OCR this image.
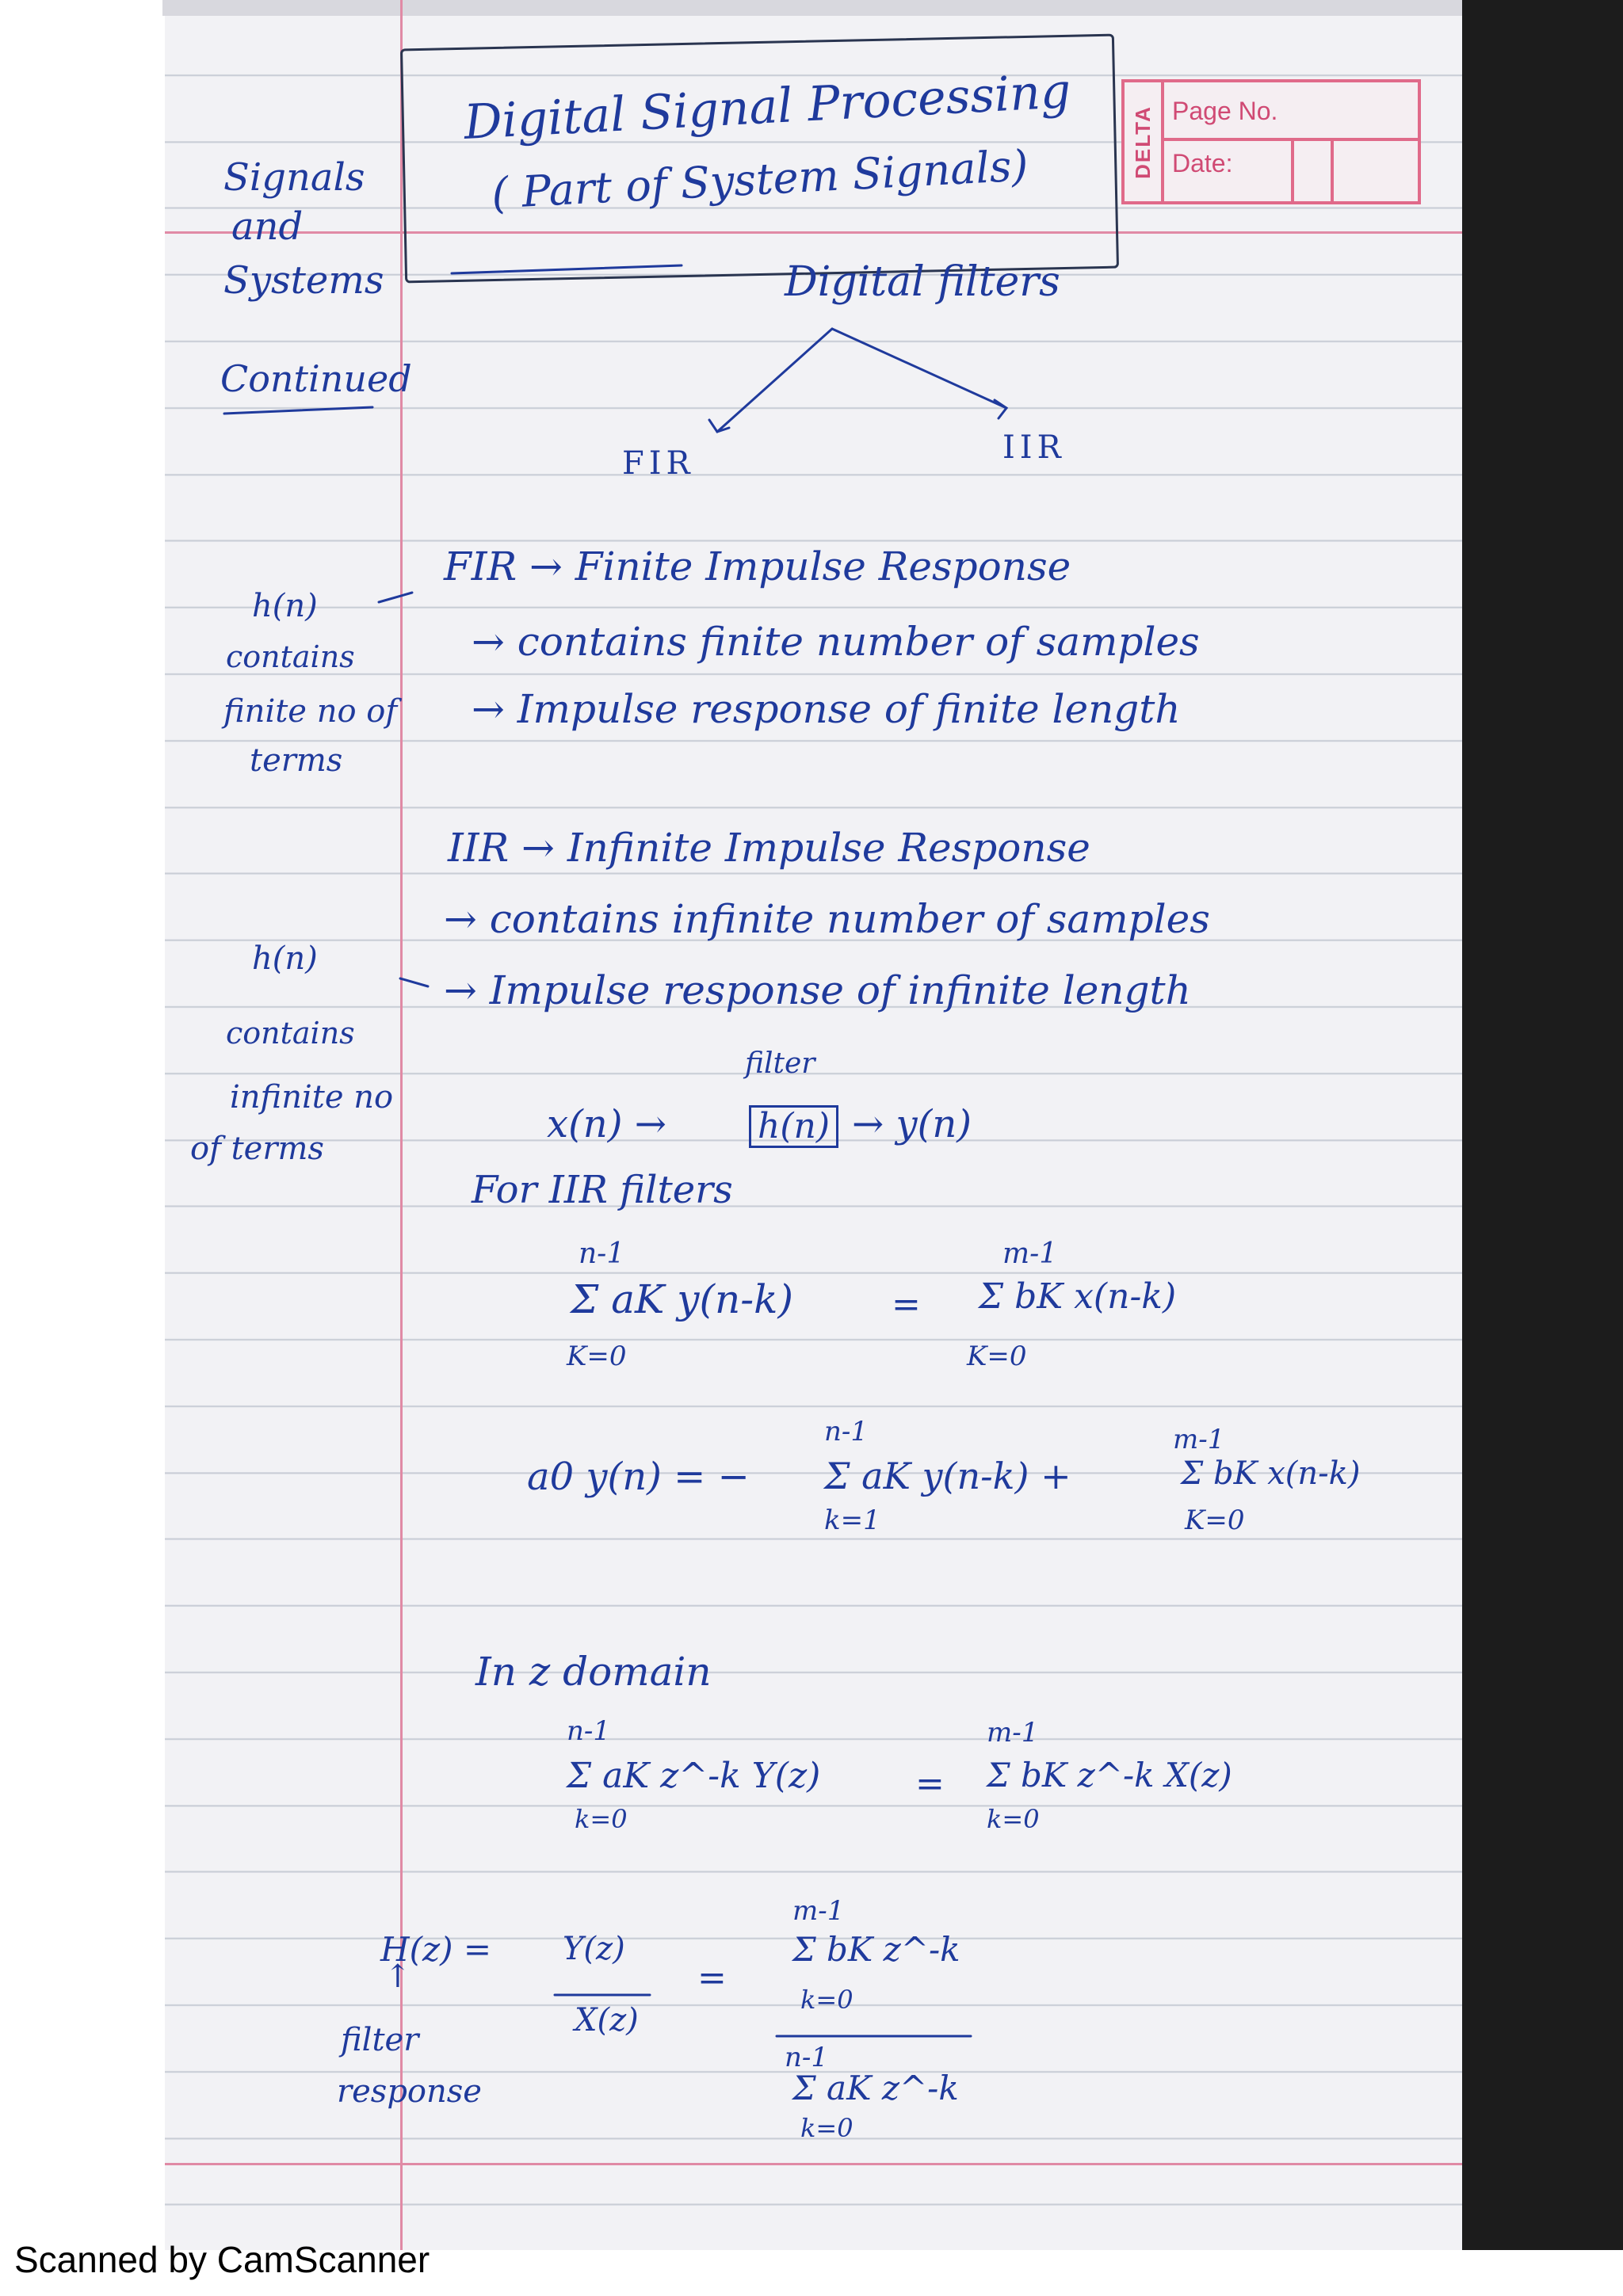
Digital Signal Processing
( Part of System Signals)	DELTA Page No.
Date:
Signals
and
Systems
Continued
h(n)
contains
finite no of
terms
h(n)
contains
infinite no
of terms
Digital filters
FIR	IIR
FIR → Finite Impulse Response
→ contains finite number of samples
→ Impulse response of finite length
IIR → Infinite Impulse Response
→ contains infinite number of samples
→ Impulse response of infinite length
filter
x(n) →	h(n) → y(n)
For IIR filters
n-1
Σ aK y(n-k)
K=0
=
m-1
Σ bK x(n-k)
K=0
a0 y(n) = −
n-1
Σ aK y(n-k) +
k=1
m-1
Σ bK x(n-k)
K=0
In z domain
n-1
Σ aK z^-k Y(z)
k=0
=
m-1
Σ bK z^-k X(z)
k=0
H(z) =
↑
filter
response
Y(z)
X(z)
=
m-1
Σ bK z^-k
k=0
n-1
Σ aK z^-k
k=0
Scanned by CamScanner
